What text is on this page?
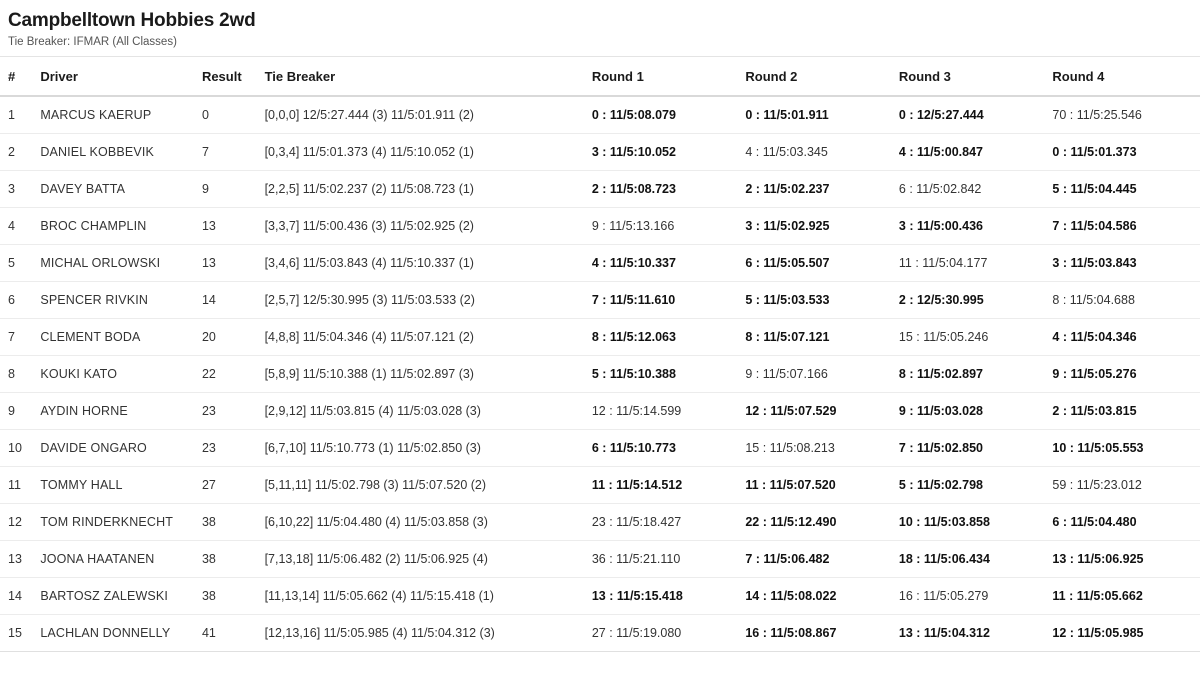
Campbelltown Hobbies 2wd

Tie Breaker: IFMAR (All Classes)

#	Driver	Result	Tie Breaker	Round 1	Round 2	Round 3	Round 4
1	MARCUS KAERUP	0	[0,0,0] 12/5:27.444 (3) 11/5:01.911 (2)	0 : 11/5:08.079	0 : 11/5:01.911	0 : 12/5:27.444	70 : 11/5:25.546
2	DANIEL KOBBEVIK	7	[0,3,4] 11/5:01.373 (4) 11/5:10.052 (1)	3 : 11/5:10.052	4 : 11/5:03.345	4 : 11/5:00.847	0 : 11/5:01.373
3	DAVEY BATTA	9	[2,2,5] 11/5:02.237 (2) 11/5:08.723 (1)	2 : 11/5:08.723	2 : 11/5:02.237	6 : 11/5:02.842	5 : 11/5:04.445
4	BROC CHAMPLIN	13	[3,3,7] 11/5:00.436 (3) 11/5:02.925 (2)	9 : 11/5:13.166	3 : 11/5:02.925	3 : 11/5:00.436	7 : 11/5:04.586
5	MICHAL ORLOWSKI	13	[3,4,6] 11/5:03.843 (4) 11/5:10.337 (1)	4 : 11/5:10.337	6 : 11/5:05.507	11 : 11/5:04.177	3 : 11/5:03.843
6	SPENCER RIVKIN	14	[2,5,7] 12/5:30.995 (3) 11/5:03.533 (2)	7 : 11/5:11.610	5 : 11/5:03.533	2 : 12/5:30.995	8 : 11/5:04.688
7	CLEMENT BODA	20	[4,8,8] 11/5:04.346 (4) 11/5:07.121 (2)	8 : 11/5:12.063	8 : 11/5:07.121	15 : 11/5:05.246	4 : 11/5:04.346
8	KOUKI KATO	22	[5,8,9] 11/5:10.388 (1) 11/5:02.897 (3)	5 : 11/5:10.388	9 : 11/5:07.166	8 : 11/5:02.897	9 : 11/5:05.276
9	AYDIN HORNE	23	[2,9,12] 11/5:03.815 (4) 11/5:03.028 (3)	12 : 11/5:14.599	12 : 11/5:07.529	9 : 11/5:03.028	2 : 11/5:03.815
10	DAVIDE ONGARO	23	[6,7,10] 11/5:10.773 (1) 11/5:02.850 (3)	6 : 11/5:10.773	15 : 11/5:08.213	7 : 11/5:02.850	10 : 11/5:05.553
11	TOMMY HALL	27	[5,11,11] 11/5:02.798 (3) 11/5:07.520 (2)	11 : 11/5:14.512	11 : 11/5:07.520	5 : 11/5:02.798	59 : 11/5:23.012
12	TOM RINDERKNECHT	38	[6,10,22] 11/5:04.480 (4) 11/5:03.858 (3)	23 : 11/5:18.427	22 : 11/5:12.490	10 : 11/5:03.858	6 : 11/5:04.480
13	JOONA HAATANEN	38	[7,13,18] 11/5:06.482 (2) 11/5:06.925 (4)	36 : 11/5:21.110	7 : 11/5:06.482	18 : 11/5:06.434	13 : 11/5:06.925
14	BARTOSZ ZALEWSKI	38	[11,13,14] 11/5:05.662 (4) 11/5:15.418 (1)	13 : 11/5:15.418	14 : 11/5:08.022	16 : 11/5:05.279	11 : 11/5:05.662
15	LACHLAN DONNELLY	41	[12,13,16] 11/5:05.985 (4) 11/5:04.312 (3)	27 : 11/5:19.080	16 : 11/5:08.867	13 : 11/5:04.312	12 : 11/5:05.985
